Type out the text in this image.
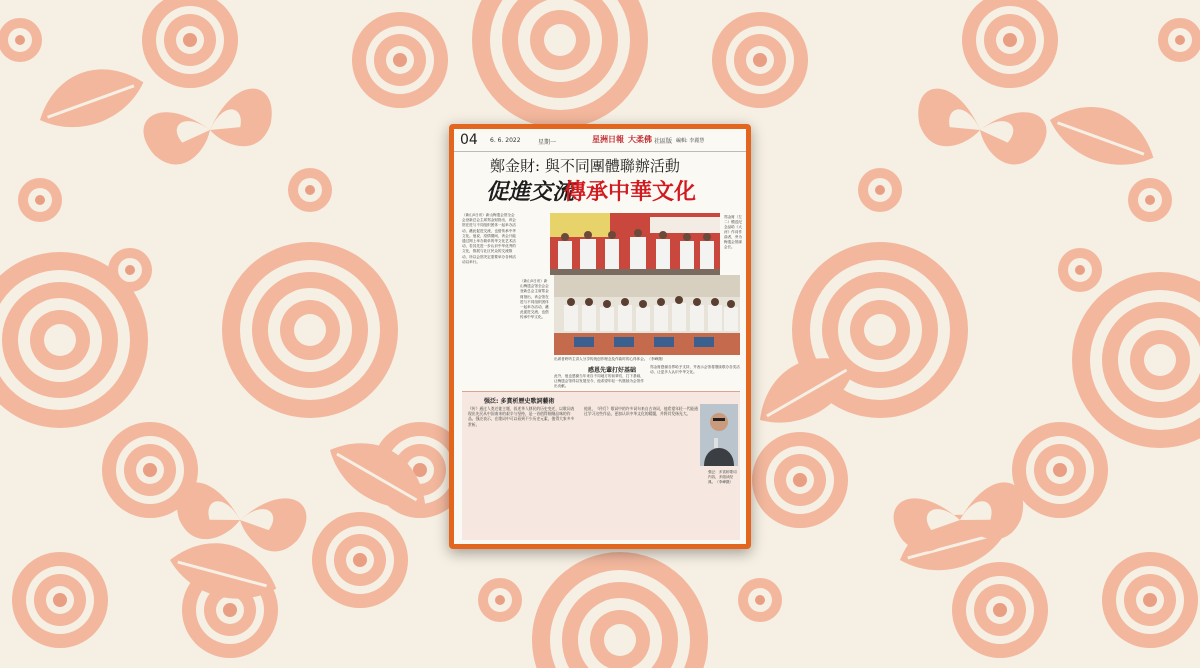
04 6. 6. 2022	星期一	星洲日報 大柔佛 社區版 編輯: 李麗慧
鄭金財: 與不同團體聯辦活動
促進交流
傳承中華文化
（新山5日讯）新山梅遗会馆全会会登新总会主席郑金财指出，该会馆在进与不同组织团体一起举办活动，藉此促进交流，也借传承中华文化。他说，疫情期间，该会只能通过网上举办简单的华文化艺术活动，若其先进一步认识中华优秀的文化，推展与社区民众的交流推动，所以会馆决定需要举办各种活动以举行。
郑金财（左二）赠送纪念品给《大河》作词作曲者，旁为梅遗会馆副会长。
（新山5日讯）新山梅遗会馆全会会登新总会主席郑金财指出，该会馆在进与不同组织团体一起举办活动，藉此促进交流，也借传承中华文化。
出席者聆听主讲人分享传统创作理念及作曲时的心得体会。（李峰摄）
感恩先輩打好基础
此外，他也感谢当年来自不同地方的前辈们，打下基础，让梅遗会馆得以发展至今，他希望年轻一代继续为会馆作出贡献。
郑金财感谢各界给予支持，并表示会馆将继续联办各类活动，让更多人认识中华文化。
强泛: 多賞析歷史歌詞藝術
《传》通过人类迁徙主题，叙述华人移民的历史变迁，以歌词表现出先民从中国南来的艰辛与坚持，是一首值得细细品味的作品。强泛表示，在歌词中可以看到不少历史元素，值得大家多多赏析。
他说，《传灯》歌词中的许多词句来自古诗词，他希望年轻一代能通过学习这些作品，更加认识中华文化的精髓，并将其发扬光大。
强泛：多赏析歌词内容，多阅读经典。（李峰摄）
